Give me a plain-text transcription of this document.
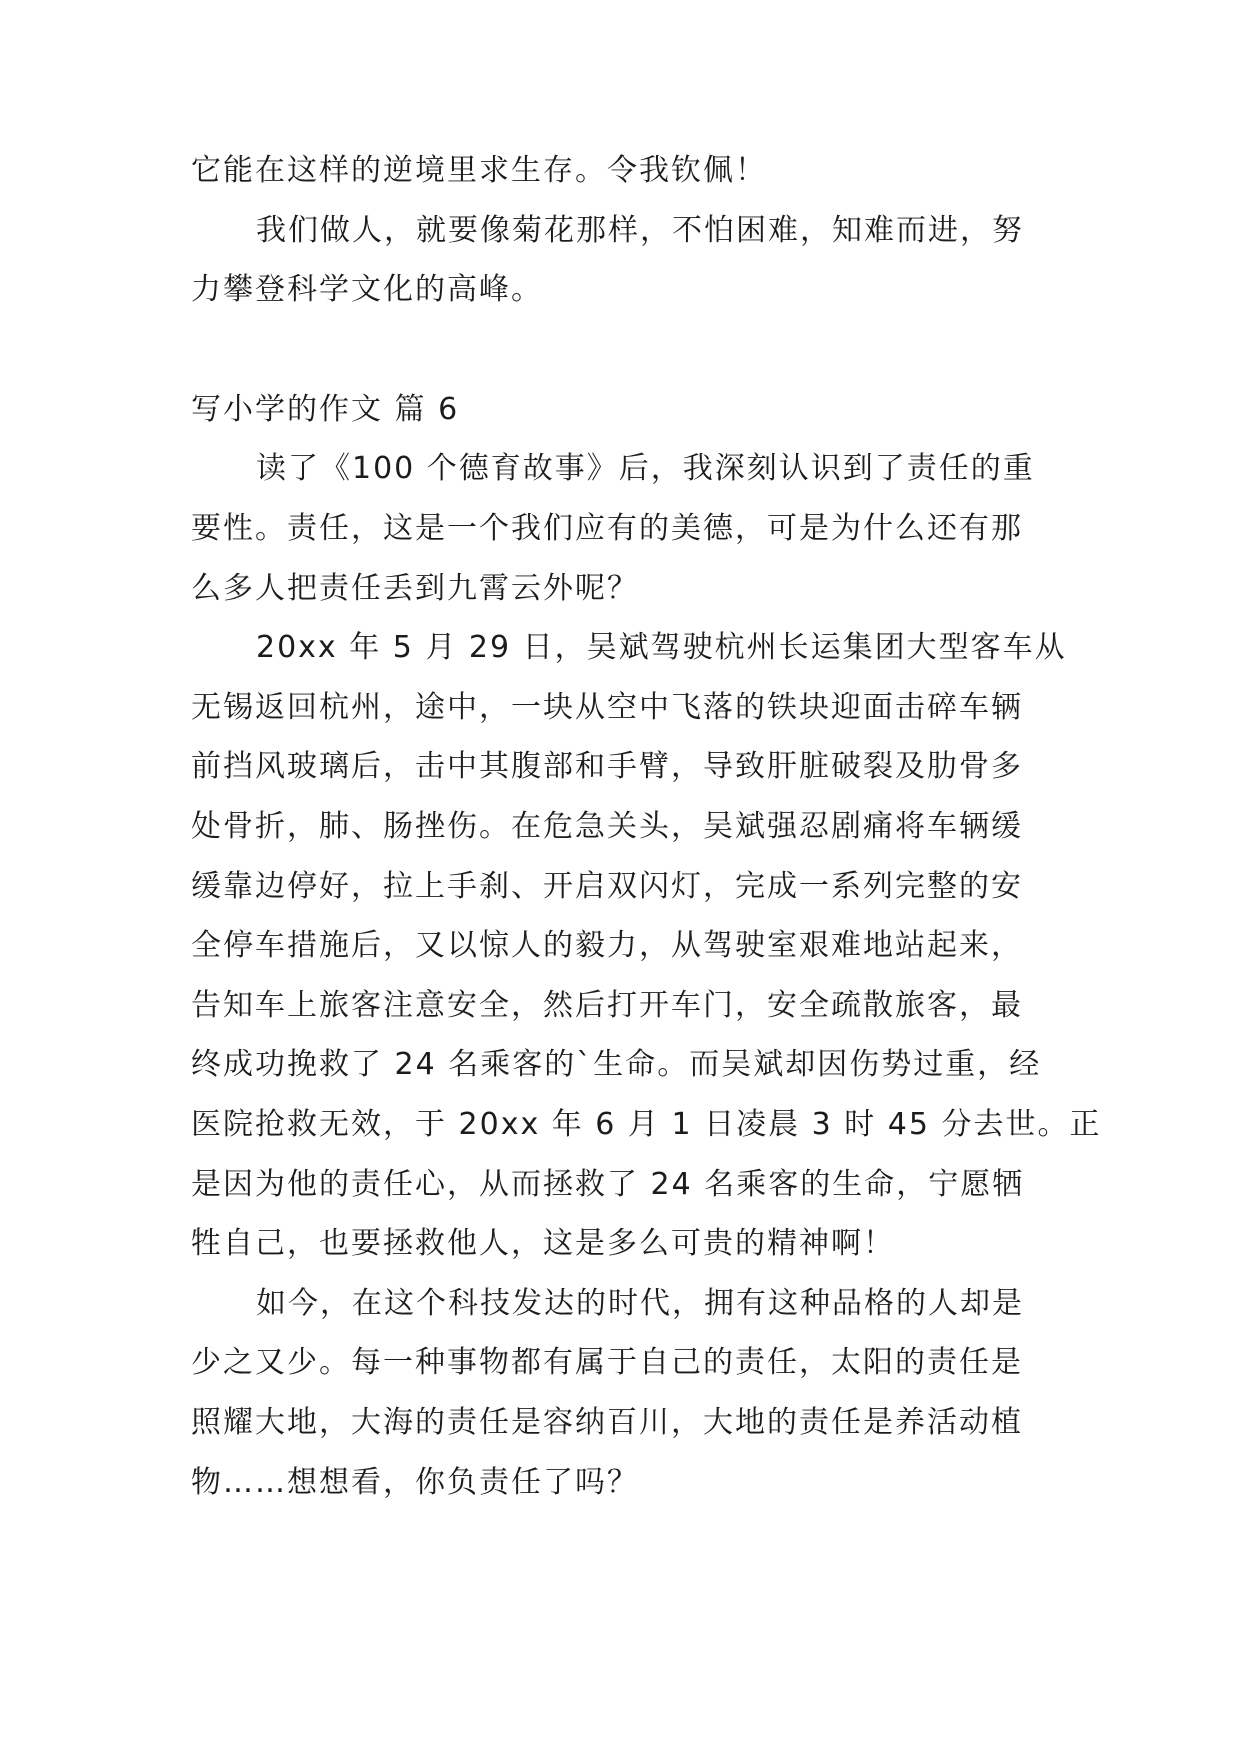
它能在这样的逆境里求生存。令我钦佩！
我们做人，就要像菊花那样，不怕困难，知难而进，努
力攀登科学文化的高峰。
写小学的作文 篇 6
读了《100 个德育故事》后，我深刻认识到了责任的重
要性。责任，这是一个我们应有的美德，可是为什么还有那
么多人把责任丢到九霄云外呢？
20xx 年 5 月 29 日，吴斌驾驶杭州长运集团大型客车从
无锡返回杭州，途中，一块从空中飞落的铁块迎面击碎车辆
前挡风玻璃后，击中其腹部和手臂，导致肝脏破裂及肋骨多
处骨折，肺、肠挫伤。在危急关头，吴斌强忍剧痛将车辆缓
缓靠边停好，拉上手刹、开启双闪灯，完成一系列完整的安
全停车措施后，又以惊人的毅力，从驾驶室艰难地站起来，
告知车上旅客注意安全，然后打开车门，安全疏散旅客，最
终成功挽救了 24 名乘客的`生命。而吴斌却因伤势过重，经
医院抢救无效，于 20xx 年 6 月 1 日凌晨 3 时 45 分去世。正
是因为他的责任心，从而拯救了 24 名乘客的生命，宁愿牺
牲自己，也要拯救他人，这是多么可贵的精神啊！
如今，在这个科技发达的时代，拥有这种品格的人却是
少之又少。每一种事物都有属于自己的责任，太阳的责任是
照耀大地，大海的责任是容纳百川，大地的责任是养活动植
物……想想看，你负责任了吗？
